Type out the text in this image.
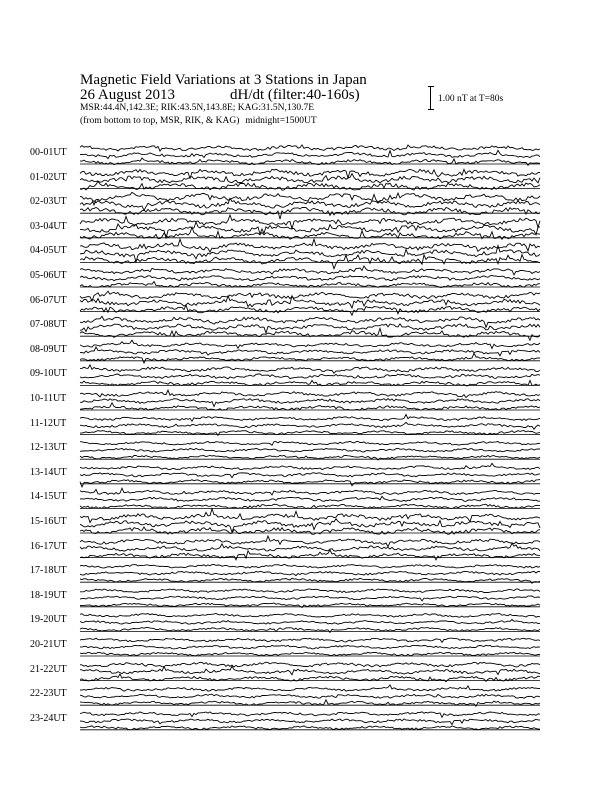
Magnetic Field Variations at 3 Stations in Japan
26 August 2013	dH/dt (filter:40-160s)
MSR:44.4N,142.3E; RIK:43.5N,143.8E; KAG:31.5N,130.7E
(from bottom to top, MSR, RIK, & KAG) midnight=1500UT
1.00 nT at T=80s
00-01UT
01-02UT
02-03UT
03-04UT
04-05UT
05-06UT
06-07UT
07-08UT
08-09UT
09-10UT
10-11UT
11-12UT
12-13UT
13-14UT
14-15UT
15-16UT
16-17UT
17-18UT
18-19UT
19-20UT
20-21UT
21-22UT
22-23UT
23-24UT
